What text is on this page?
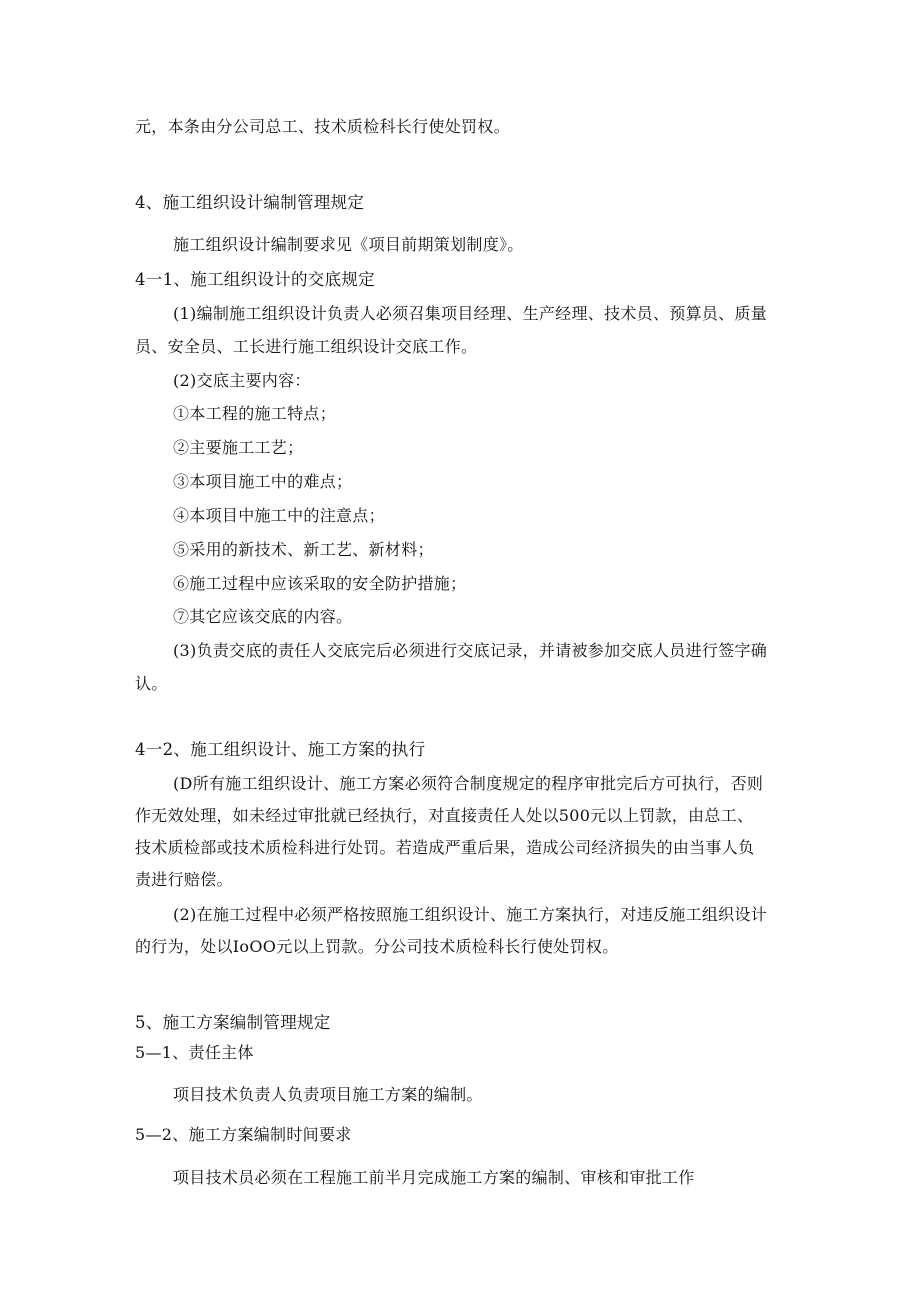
元，本条由分公司总工、技术质检科长行使处罚权。
4、施工组织设计编制管理规定
施工组织设计编制要求见《项目前期策划制度》。
4一1、施工组织设计的交底规定
(1)编制施工组织设计负责人必须召集项目经理、生产经理、技术员、预算员、质量
员、安全员、工长进行施工组织设计交底工作。
(2)交底主要内容：
①本工程的施工特点；
②主要施工工艺；
③本项目施工中的难点；
④本项目中施工中的注意点；
⑤采用的新技术、新工艺、新材料；
⑥施工过程中应该采取的安全防护措施；
⑦其它应该交底的内容。
(3)负责交底的责任人交底完后必须进行交底记录，并请被参加交底人员进行签字确
认。
4一2、施工组织设计、施工方案的执行
(D所有施工组织设计、施工方案必须符合制度规定的程序审批完后方可执行，否则
作无效处理，如未经过审批就已经执行，对直接责任人处以500元以上罚款，由总工、
技术质检部或技术质检科进行处罚。若造成严重后果，造成公司经济损失的由当事人负
责进行赔偿。
(2)在施工过程中必须严格按照施工组织设计、施工方案执行，对违反施工组织设计
的行为，处以IoOO元以上罚款。分公司技术质检科长行使处罚权。
5、施工方案编制管理规定
5—1、责任主体
项目技术负责人负责项目施工方案的编制。
5—2、施工方案编制时间要求
项目技术员必须在工程施工前半月完成施工方案的编制、审核和审批工作
